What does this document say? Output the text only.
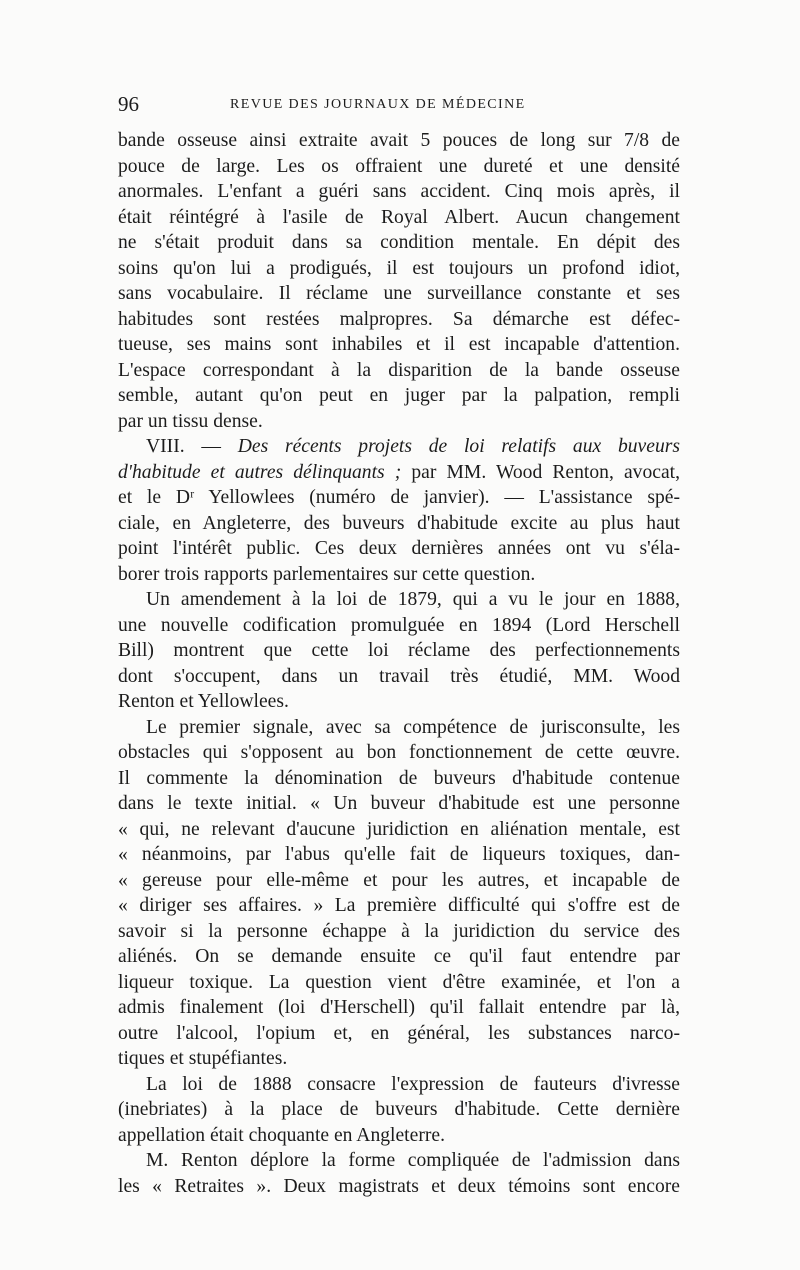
96	REVUE DES JOURNAUX DE MÉDECINE
bande osseuse ainsi extraite avait 5 pouces de long sur 7/8 de
pouce de large. Les os offraient une dureté et une densité
anormales. L'enfant a guéri sans accident. Cinq mois après, il
était réintégré à l'asile de Royal Albert. Aucun changement
ne s'était produit dans sa condition mentale. En dépit des
soins qu'on lui a prodigués, il est toujours un profond idiot,
sans vocabulaire. Il réclame une surveillance constante et ses
habitudes sont restées malpropres. Sa démarche est défec-
tueuse, ses mains sont inhabiles et il est incapable d'attention.
L'espace correspondant à la disparition de la bande osseuse
semble, autant qu'on peut en juger par la palpation, rempli
par un tissu dense.
VIII. — Des récents projets de loi relatifs aux buveurs
d'habitude et autres délinquants ; par MM. Wood Renton, avocat,
et le Dʳ Yellowlees (numéro de janvier). — L'assistance spé-
ciale, en Angleterre, des buveurs d'habitude excite au plus haut
point l'intérêt public. Ces deux dernières années ont vu s'éla-
borer trois rapports parlementaires sur cette question.
Un amendement à la loi de 1879, qui a vu le jour en 1888,
une nouvelle codification promulguée en 1894 (Lord Herschell
Bill) montrent que cette loi réclame des perfectionnements
dont s'occupent, dans un travail très étudié, MM. Wood
Renton et Yellowlees.
Le premier signale, avec sa compétence de jurisconsulte, les
obstacles qui s'opposent au bon fonctionnement de cette œuvre.
Il commente la dénomination de buveurs d'habitude contenue
dans le texte initial. « Un buveur d'habitude est une personne
« qui, ne relevant d'aucune juridiction en aliénation mentale, est
« néanmoins, par l'abus qu'elle fait de liqueurs toxiques, dan-
« gereuse pour elle-même et pour les autres, et incapable de
« diriger ses affaires. » La première difficulté qui s'offre est de
savoir si la personne échappe à la juridiction du service des
aliénés. On se demande ensuite ce qu'il faut entendre par
liqueur toxique. La question vient d'être examinée, et l'on a
admis finalement (loi d'Herschell) qu'il fallait entendre par là,
outre l'alcool, l'opium et, en général, les substances narco-
tiques et stupéfiantes.
La loi de 1888 consacre l'expression de fauteurs d'ivresse
(inebriates) à la place de buveurs d'habitude. Cette dernière
appellation était choquante en Angleterre.
M. Renton déplore la forme compliquée de l'admission dans
les « Retraites ». Deux magistrats et deux témoins sont encore
